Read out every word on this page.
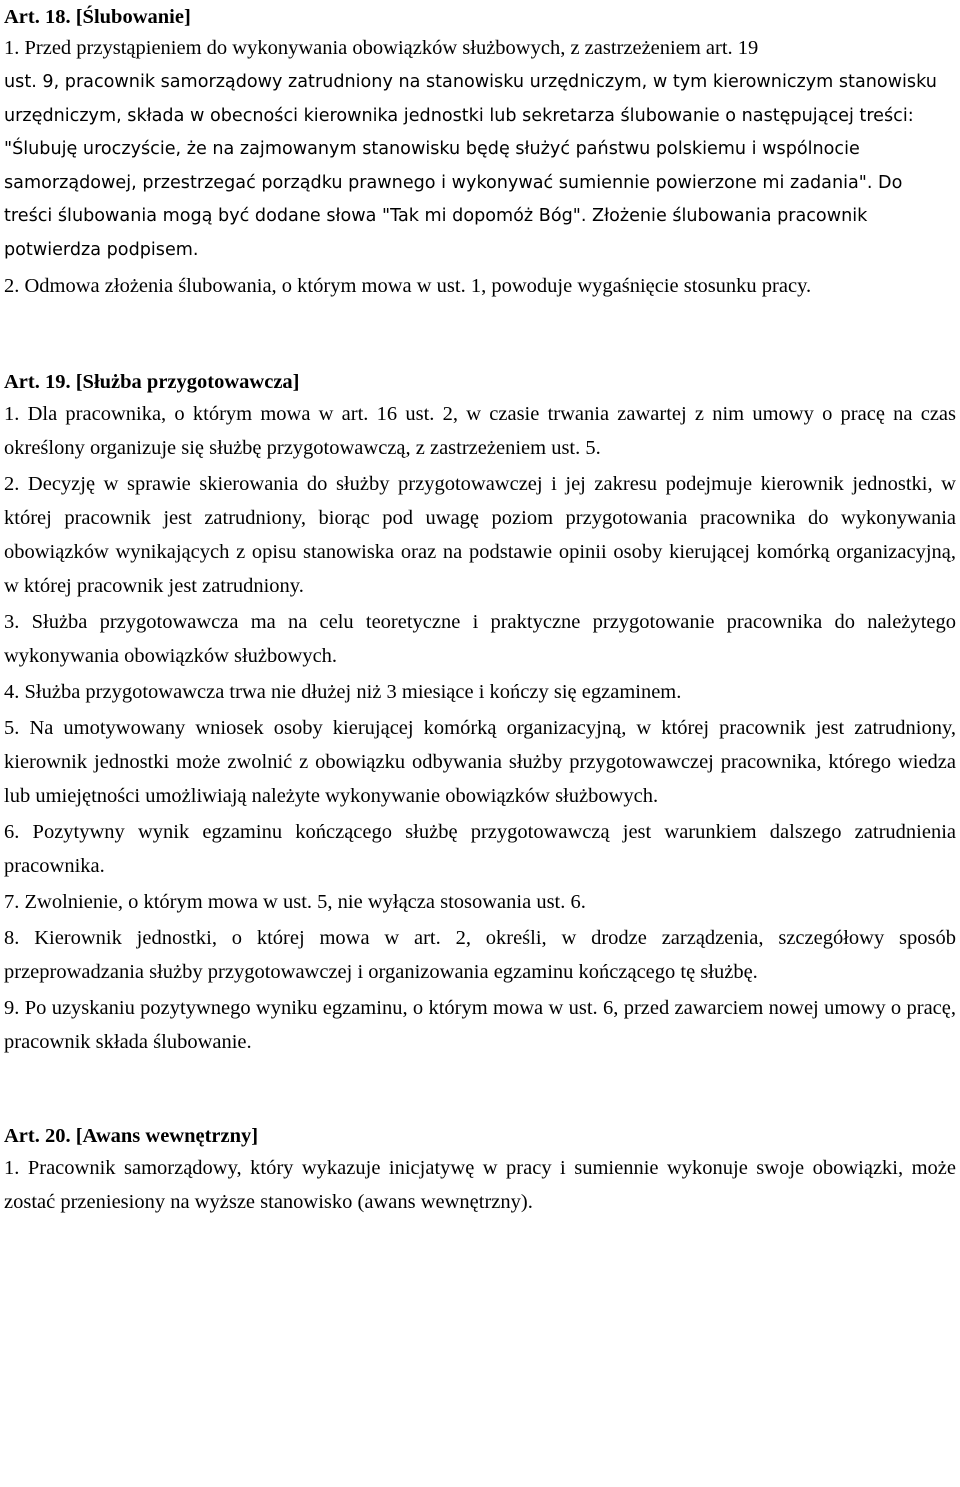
Art. 18. [Ślubowanie]

1. Przed przystąpieniem do wykonywania obowiązków służbowych, z zastrzeżeniem art. 19

ust. 9, pracownik samorządowy zatrudniony na stanowisku urzędniczym, w tym kierowniczym stanowisku urzędniczym, składa w obecności kierownika jednostki lub sekretarza ślubowanie o następującej treści: "Ślubuję uroczyście, że na zajmowanym stanowisku będę służyć państwu polskiemu i wspólnocie samorządowej, przestrzegać porządku prawnego i wykonywać sumiennie powierzone mi zadania". Do treści ślubowania mogą być dodane słowa "Tak mi dopomóż Bóg". Złożenie ślubowania pracownik potwierdza podpisem.

2. Odmowa złożenia ślubowania, o którym mowa w ust. 1, powoduje wygaśnięcie stosunku pracy.

Art. 19. [Służba przygotowawcza]

1. Dla pracownika, o którym mowa w art. 16 ust. 2, w czasie trwania zawartej z nim umowy o pracę na czas określony organizuje się służbę przygotowawczą, z zastrzeżeniem ust. 5.

2. Decyzję w sprawie skierowania do służby przygotowawczej i jej zakresu podejmuje kierownik jednostki, w której pracownik jest zatrudniony, biorąc pod uwagę poziom przygotowania pracownika do wykonywania obowiązków wynikających z opisu stanowiska oraz na podstawie opinii osoby kierującej komórką organizacyjną, w której pracownik jest zatrudniony.

3. Służba przygotowawcza ma na celu teoretyczne i praktyczne przygotowanie pracownika do należytego wykonywania obowiązków służbowych.

4. Służba przygotowawcza trwa nie dłużej niż 3 miesiące i kończy się egzaminem.

5. Na umotywowany wniosek osoby kierującej komórką organizacyjną, w której pracownik jest zatrudniony, kierownik jednostki może zwolnić z obowiązku odbywania służby przygotowawczej pracownika, którego wiedza lub umiejętności umożliwiają należyte wykonywanie obowiązków służbowych.

6. Pozytywny wynik egzaminu kończącego służbę przygotowawczą jest warunkiem dalszego zatrudnienia pracownika.

7. Zwolnienie, o którym mowa w ust. 5, nie wyłącza stosowania ust. 6.

8. Kierownik jednostki, o której mowa w art. 2, określi, w drodze zarządzenia, szczegółowy sposób przeprowadzania służby przygotowawczej i organizowania egzaminu kończącego tę służbę.

9. Po uzyskaniu pozytywnego wyniku egzaminu, o którym mowa w ust. 6, przed zawarciem nowej umowy o pracę, pracownik składa ślubowanie.

Art. 20. [Awans wewnętrzny]

1. Pracownik samorządowy, który wykazuje inicjatywę w pracy i sumiennie wykonuje swoje obowiązki, może zostać przeniesiony na wyższe stanowisko (awans wewnętrzny).
